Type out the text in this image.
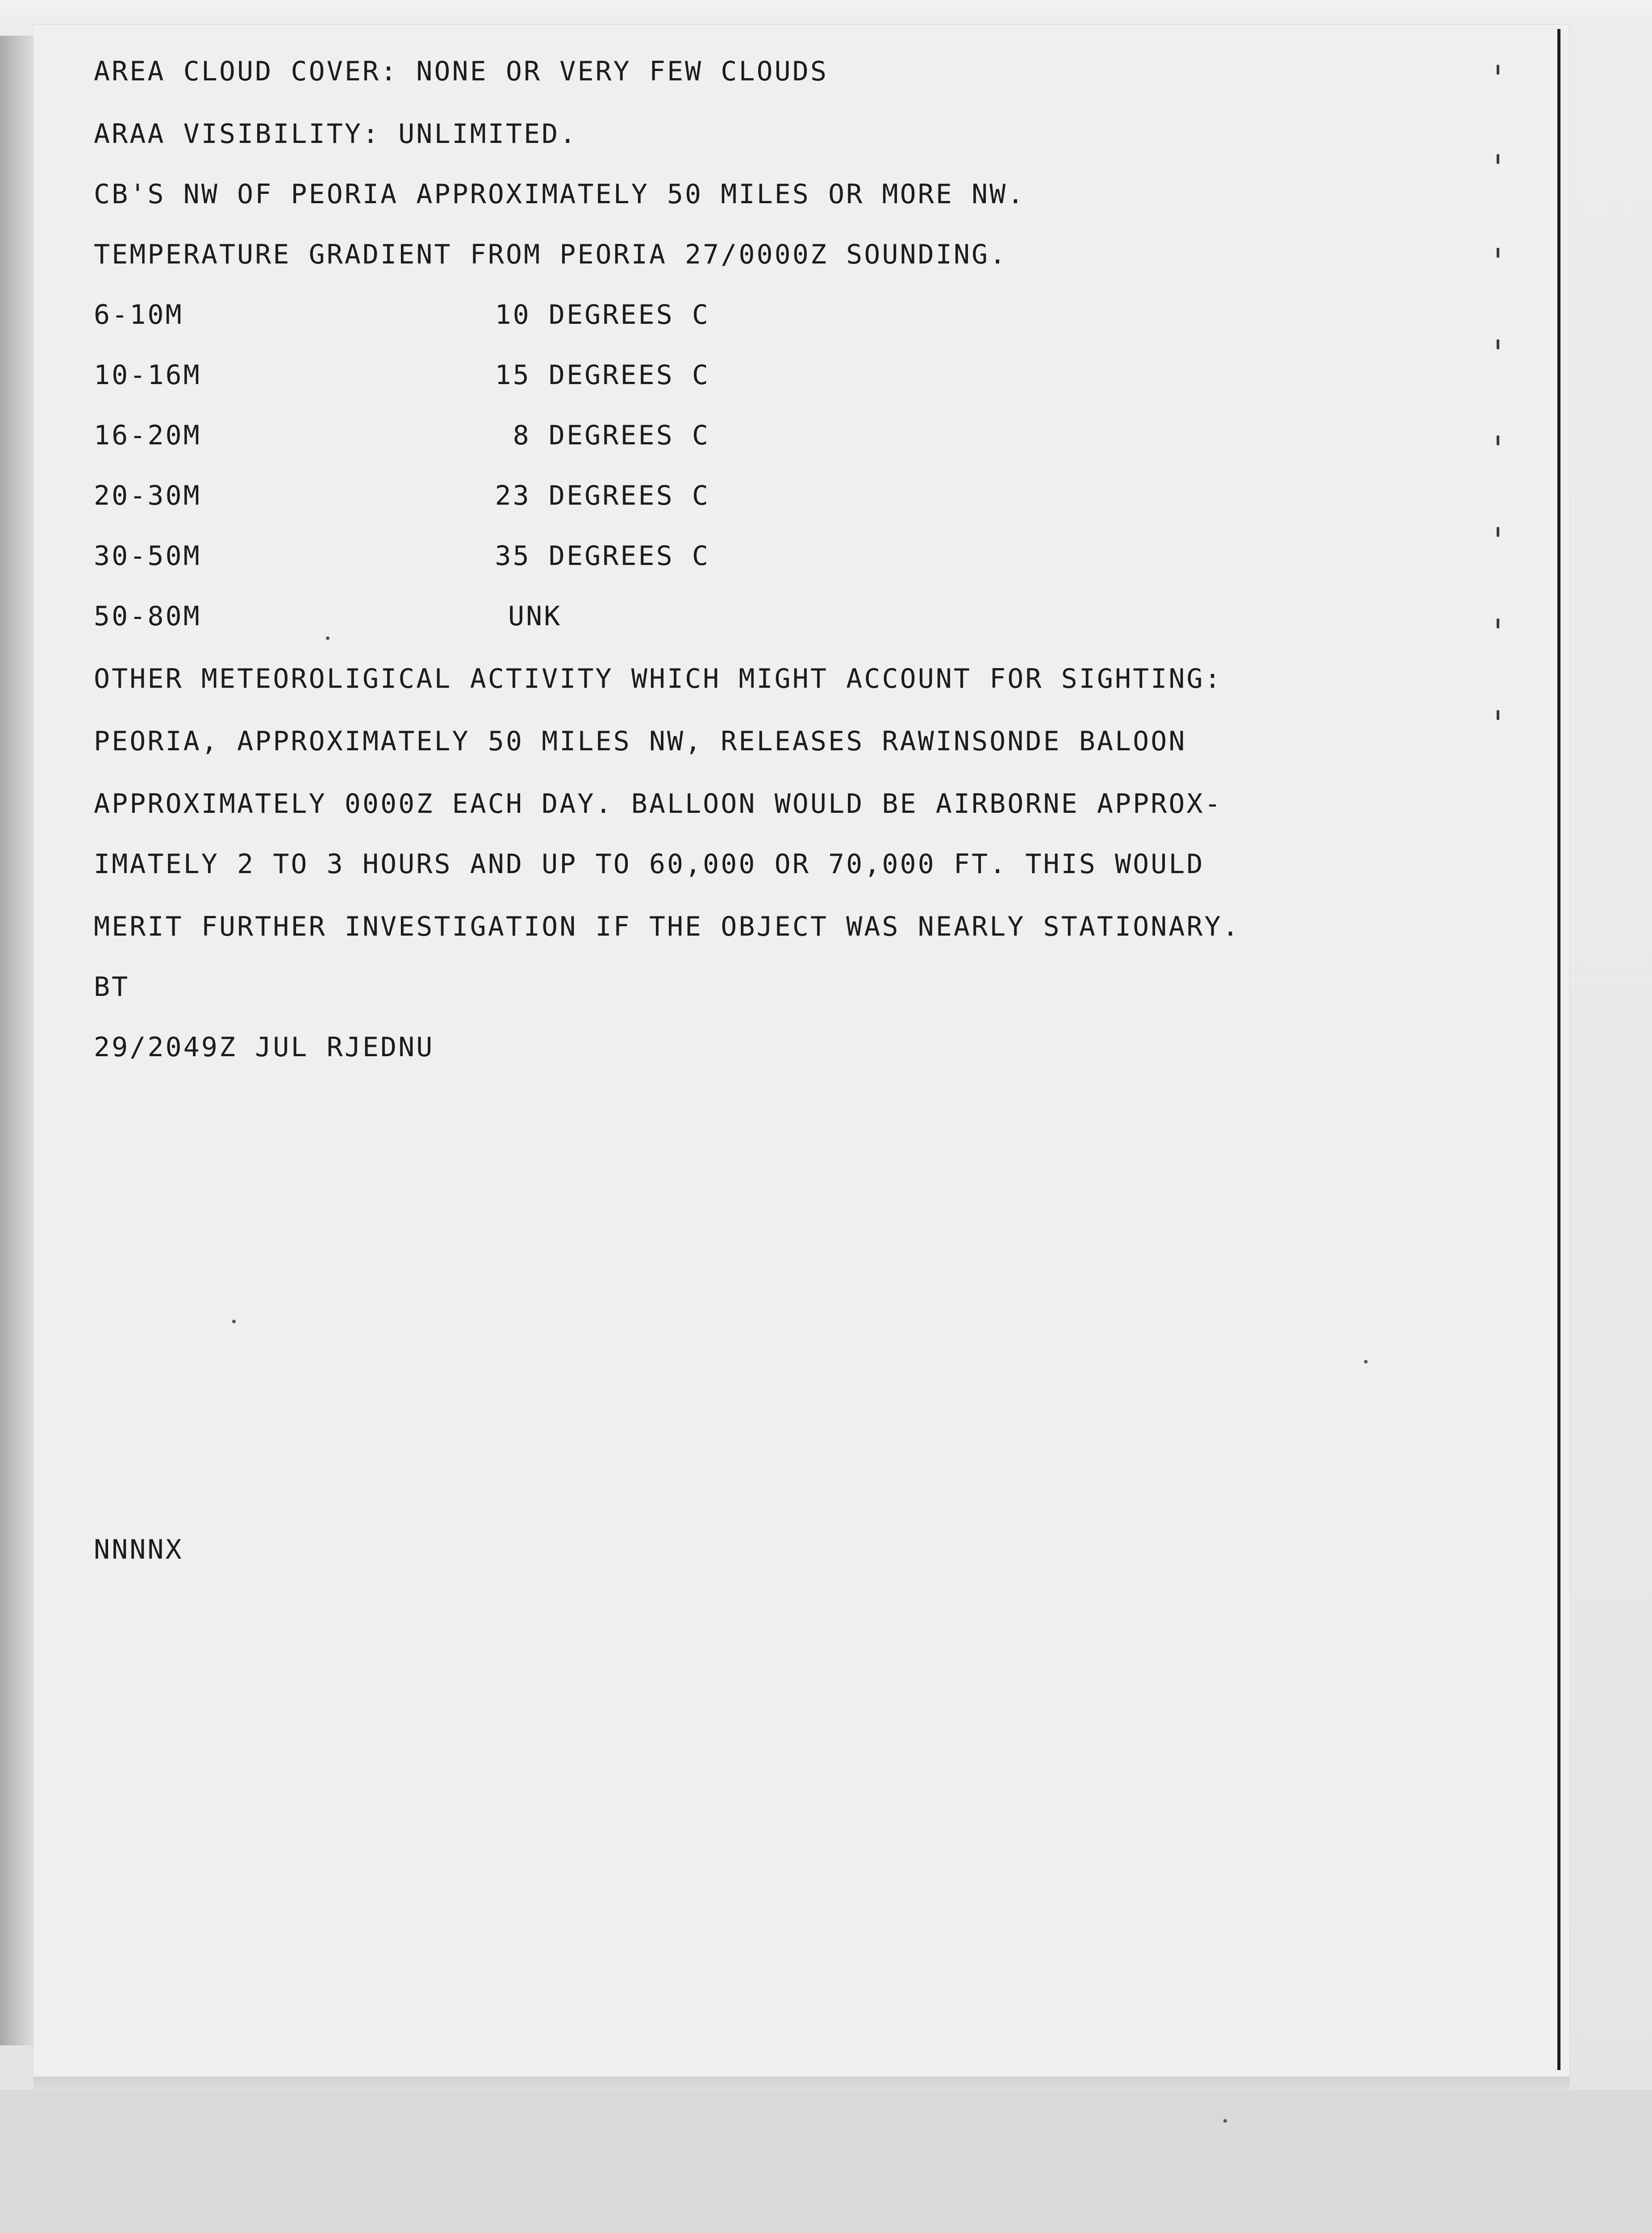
AREA CLOUD COVER: NONE OR VERY FEW CLOUDS
ARAA VISIBILITY: UNLIMITED.
CB'S NW OF PEORIA APPROXIMATELY 50 MILES OR MORE NW.
TEMPERATURE GRADIENT FROM PEORIA 27/0000Z SOUNDING.
6-10M	10 DEGREES C
10-16M	15 DEGREES C
16-20M	8 DEGREES C
20-30M	23 DEGREES C
30-50M	35 DEGREES C
50-80M	UNK
OTHER METEOROLIGICAL ACTIVITY WHICH MIGHT ACCOUNT FOR SIGHTING:
PEORIA, APPROXIMATELY 50 MILES NW, RELEASES RAWINSONDE BALOON
APPROXIMATELY 0000Z EACH DAY. BALLOON WOULD BE AIRBORNE APPROX-
IMATELY 2 TO 3 HOURS AND UP TO 60,000 OR 70,000 FT. THIS WOULD
MERIT FURTHER INVESTIGATION IF THE OBJECT WAS NEARLY STATIONARY.
BT
29/2049Z JUL RJEDNU
NNNNX
